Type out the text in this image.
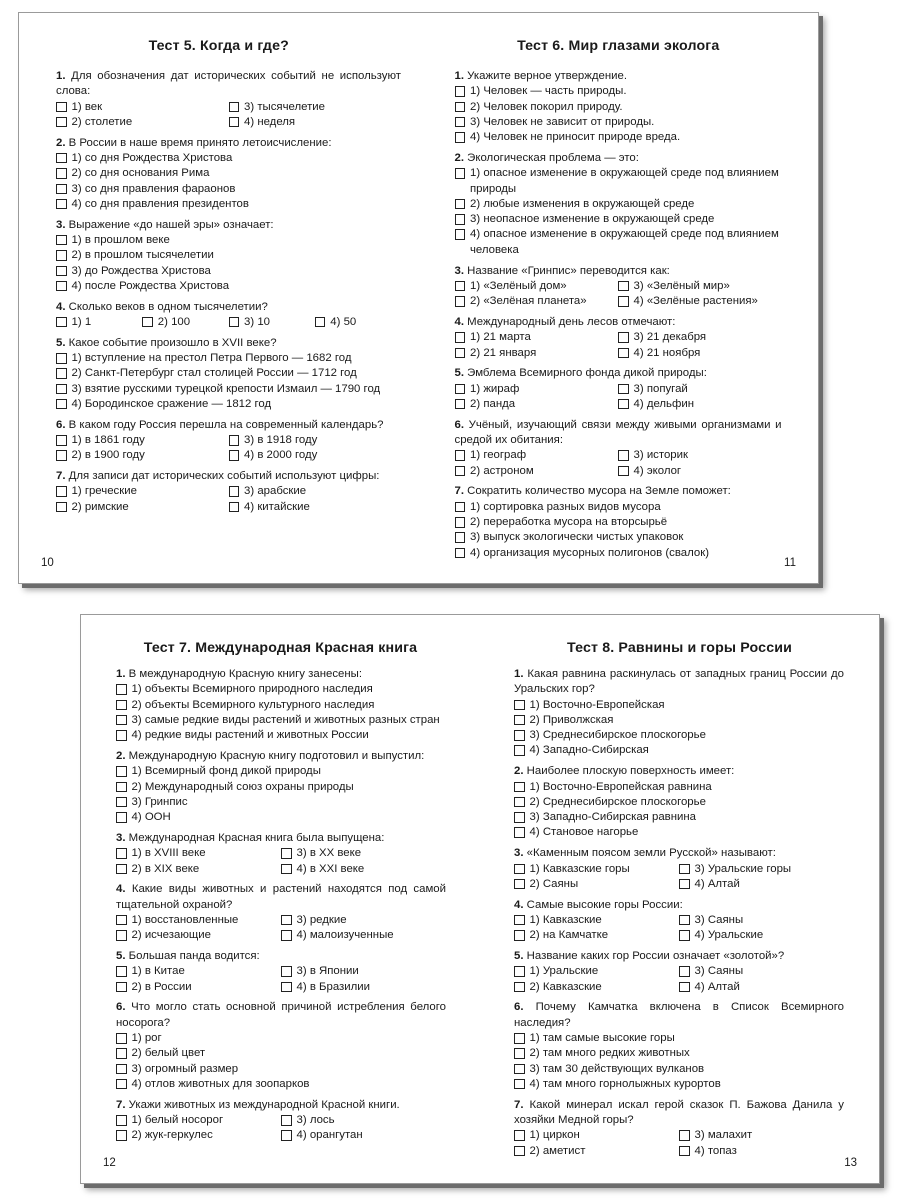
Тест 5. Когда и где?
1. Для обозначения дат исторических событий не используют слова:
1) век	3) тысячелетие
2) столетие	4) неделя
2. В России в наше время принято летоисчисление:
1) со дня Рождества Христова
2) со дня основания Рима
3) со дня правления фараонов
4) со дня правления президентов
3. Выражение «до нашей эры» означает:
1) в прошлом веке
2) в прошлом тысячелетии
3) до Рождества Христова
4) после Рождества Христова
4. Сколько веков в одном тысячелетии?
1) 1	2) 100	3) 10	4) 50
5. Какое событие произошло в XVII веке?
1) вступление на престол Петра Первого — 1682 год
2) Санкт-Петербург стал столицей России — 1712 год
3) взятие русскими турецкой крепости Измаил — 1790 год
4) Бородинское сражение — 1812 год
6. В каком году Россия перешла на современный календарь?
1) в 1861 году	3) в 1918 году
2) в 1900 году	4) в 2000 году
7. Для записи дат исторических событий используют цифры:
1) греческие	3) арабские
2) римские	4) китайские
10
Тест 6. Мир глазами эколога
1. Укажите верное утверждение.
1) Человек — часть природы.
2) Человек покорил природу.
3) Человек не зависит от природы.
4) Человек не приносит природе вреда.
2. Экологическая проблема — это:
1) опасное изменение в окружающей среде под влиянием природы
2) любые изменения в окружающей среде
3) неопасное изменение в окружающей среде
4) опасное изменение в окружающей среде под влиянием человека
3. Название «Гринпис» переводится как:
1) «Зелёный дом»	3) «Зелёный мир»
2) «Зелёная планета»	4) «Зелёные растения»
4. Международный день лесов отмечают:
1) 21 марта	3) 21 декабря
2) 21 января	4) 21 ноября
5. Эмблема Всемирного фонда дикой природы:
1) жираф	3) попугай
2) панда	4) дельфин
6. Учёный, изучающий связи между живыми организмами и средой их обитания:
1) географ	3) историк
2) астроном	4) эколог
7. Сократить количество мусора на Земле поможет:
1) сортировка разных видов мусора
2) переработка мусора на вторсырьё
3) выпуск экологически чистых упаковок
4) организация мусорных полигонов (свалок)
11
Тест 7. Международная Красная книга
1. В международную Красную книгу занесены:
1) объекты Всемирного природного наследия
2) объекты Всемирного культурного наследия
3) самые редкие виды растений и животных разных стран
4) редкие виды растений и животных России
2. Международную Красную книгу подготовил и выпустил:
1) Всемирный фонд дикой природы
2) Международный союз охраны природы
3) Гринпис
4) ООН
3. Международная Красная книга была выпущена:
1) в XVIII веке	3) в XX веке
2) в XIX веке	4) в XXI веке
4. Какие виды животных и растений находятся под самой тщательной охраной?
1) восстановленные	3) редкие
2) исчезающие	4) малоизученные
5. Большая панда водится:
1) в Китае	3) в Японии
2) в России	4) в Бразилии
6. Что могло стать основной причиной истребления белого носорога?
1) рог
2) белый цвет
3) огромный размер
4) отлов животных для зоопарков
7. Укажи животных из международной Красной книги.
1) белый носорог	3) лось
2) жук-геркулес	4) орангутан
12
Тест 8. Равнины и горы России
1. Какая равнина раскинулась от западных границ России до Уральских гор?
1) Восточно-Европейская
2) Приволжская
3) Среднесибирское плоскогорье
4) Западно-Сибирская
2. Наиболее плоскую поверхность имеет:
1) Восточно-Европейская равнина
2) Среднесибирское плоскогорье
3) Западно-Сибирская равнина
4) Становое нагорье
3. «Каменным поясом земли Русской» называют:
1) Кавказские горы	3) Уральские горы
2) Саяны	4) Алтай
4. Самые высокие горы России:
1) Кавказские	3) Саяны
2) на Камчатке	4) Уральские
5. Название каких гор России означает «золотой»?
1) Уральские	3) Саяны
2) Кавказские	4) Алтай
6. Почему Камчатка включена в Список Всемирного наследия?
1) там самые высокие горы
2) там много редких животных
3) там 30 действующих вулканов
4) там много горнолыжных курортов
7. Какой минерал искал герой сказок П. Бажова Данила у хозяйки Медной горы?
1) циркон	3) малахит
2) аметист	4) топаз
13
